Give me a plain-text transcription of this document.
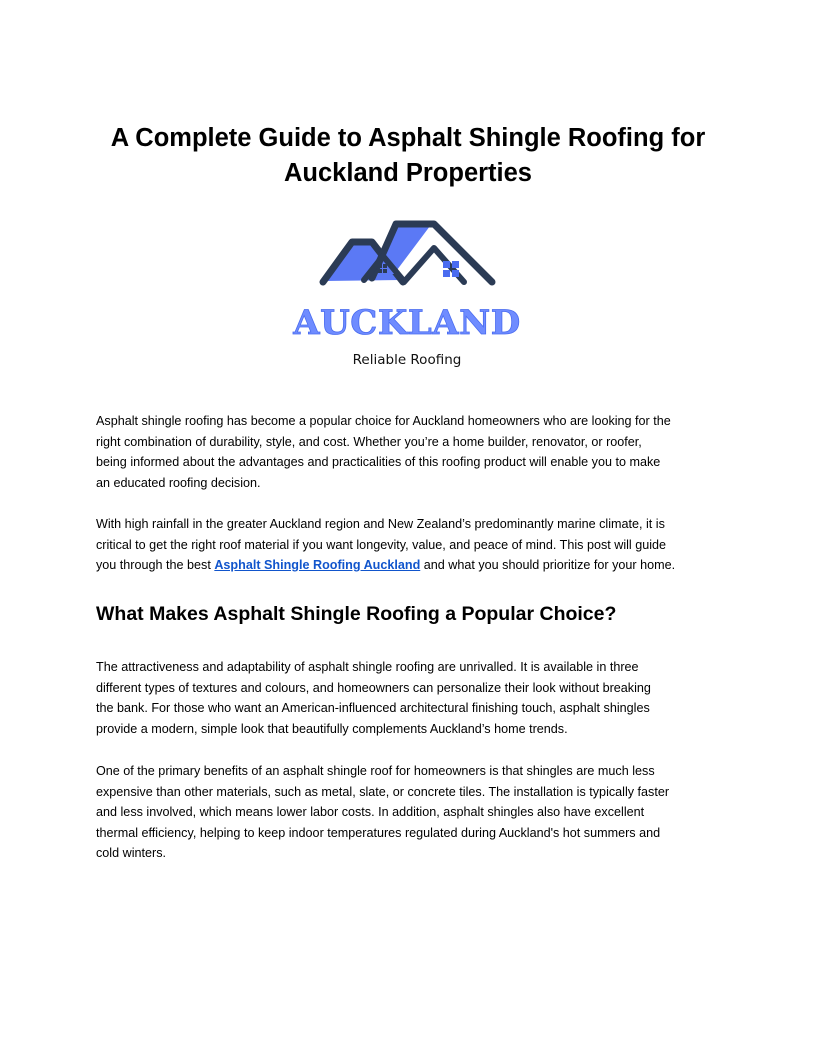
A Complete Guide to Asphalt Shingle Roofing for
Auckland Properties
AUCKLAND
Reliable Roofing

Asphalt shingle roofing has become a popular choice for Auckland homeowners who are looking for the
right combination of durability, style, and cost. Whether you’re a home builder, renovator, or roofer,
being informed about the advantages and practicalities of this roofing product will enable you to make
an educated roofing decision.

With high rainfall in the greater Auckland region and New Zealand’s predominantly marine climate, it is
critical to get the right roof material if you want longevity, value, and peace of mind. This post will guide
you through the best Asphalt Shingle Roofing Auckland and what you should prioritize for your home.

What Makes Asphalt Shingle Roofing a Popular Choice?

The attractiveness and adaptability of asphalt shingle roofing are unrivalled. It is available in three
different types of textures and colours, and homeowners can personalize their look without breaking
the bank. For those who want an American-influenced architectural finishing touch, asphalt shingles
provide a modern, simple look that beautifully complements Auckland’s home trends.

One of the primary benefits of an asphalt shingle roof for homeowners is that shingles are much less
expensive than other materials, such as metal, slate, or concrete tiles. The installation is typically faster
and less involved, which means lower labor costs. In addition, asphalt shingles also have excellent
thermal efficiency, helping to keep indoor temperatures regulated during Auckland's hot summers and
cold winters.
